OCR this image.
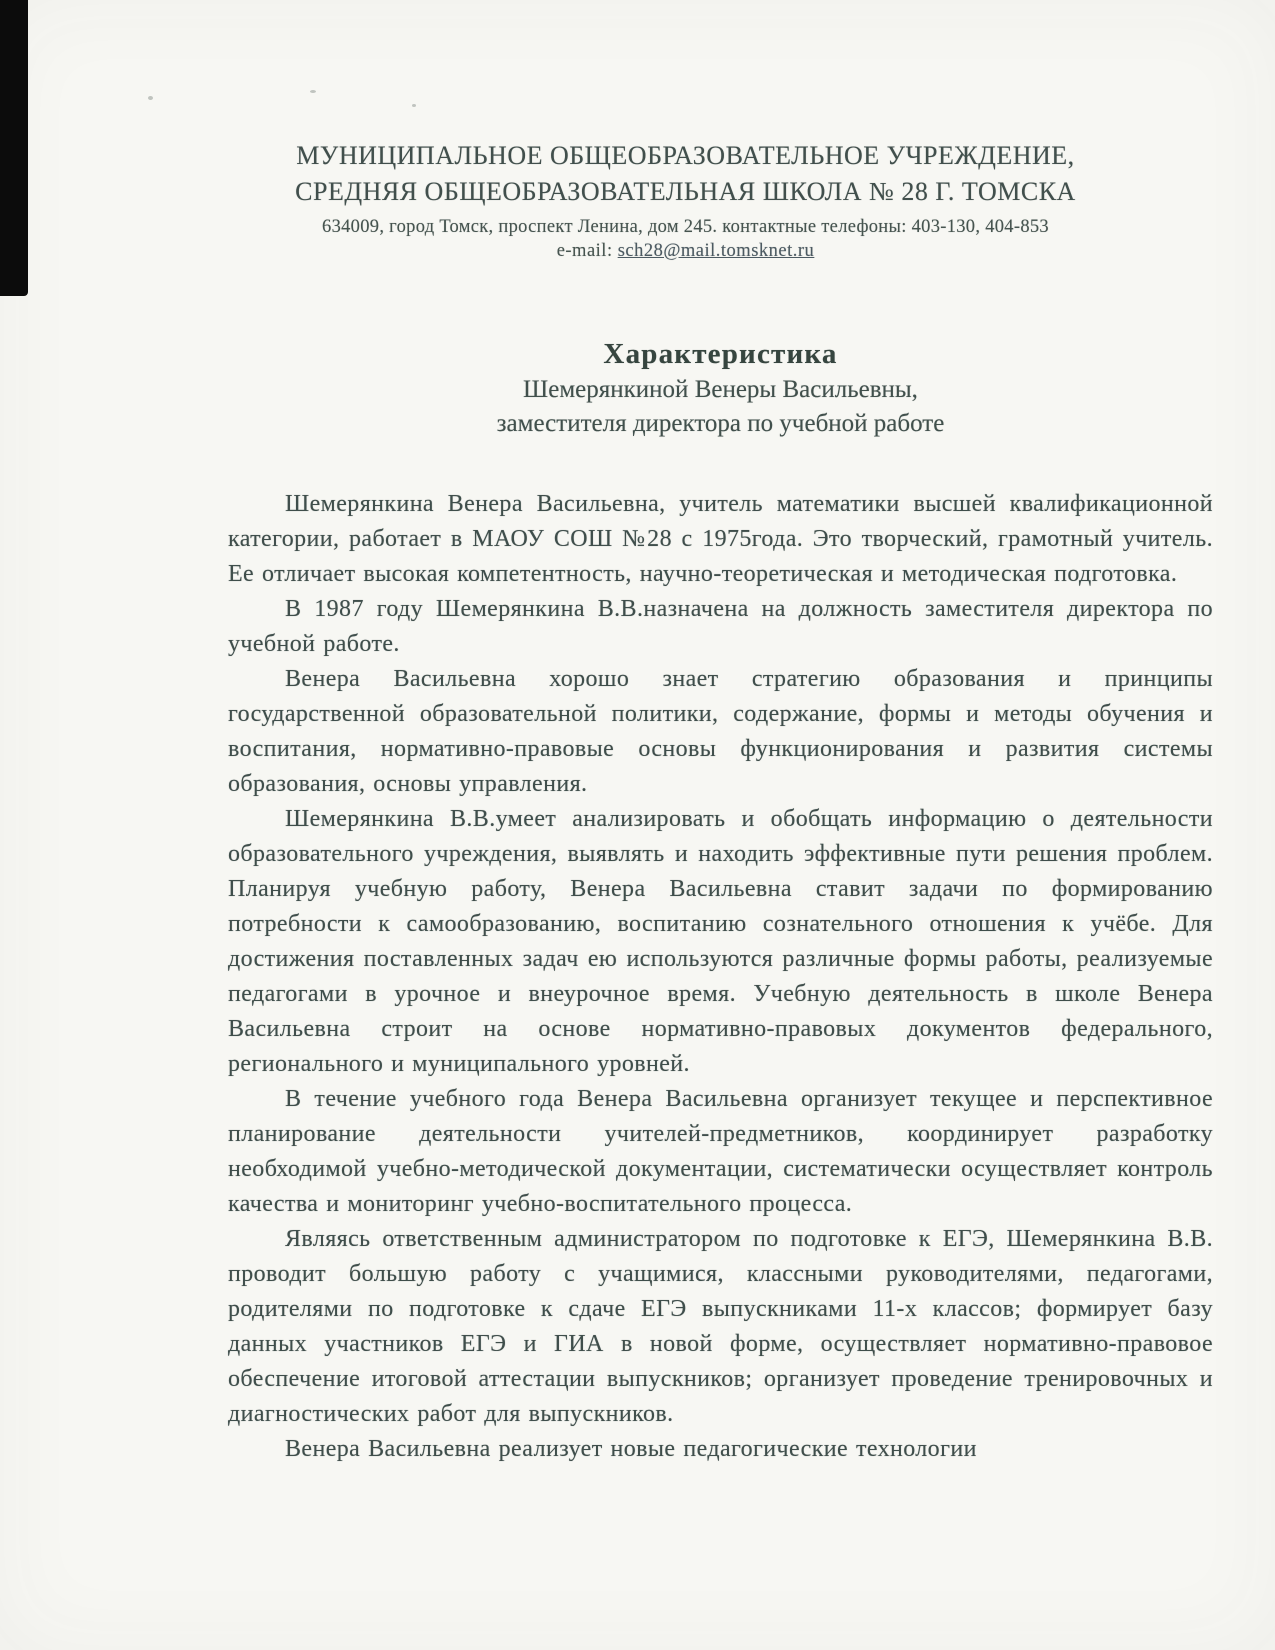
МУНИЦИПАЛЬНОЕ ОБЩЕОБРАЗОВАТЕЛЬНОЕ УЧРЕЖДЕНИЕ,
СРЕДНЯЯ ОБЩЕОБРАЗОВАТЕЛЬНАЯ ШКОЛА № 28 Г. ТОМСКА
634009, город Томск, проспект Ленина, дом 245. контактные телефоны: 403-130, 404-853
e-mail: sch28@mail.tomsknet.ru
Характеристика
Шемерянкиной Венеры Васильевны,
заместителя директора по учебной работе

Шемерянкина Венера Васильевна, учитель математики высшей квалификационной категории, работает в МАОУ СОШ №28 с 1975года. Это творческий, грамотный учитель. Ее отличает высокая компетентность, научно-теоретическая и методическая подготовка.

В 1987 году Шемерянкина В.В.назначена на должность заместителя директора по учебной работе.

Венера Васильевна хорошо знает стратегию образования и принципы государственной образовательной политики, содержание, формы и методы обучения и воспитания, нормативно-правовые основы функционирования и развития системы образования, основы управления.

Шемерянкина В.В.умеет анализировать и обобщать информацию о деятельности образовательного учреждения, выявлять и находить эффективные пути решения проблем. Планируя учебную работу, Венера Васильевна ставит задачи по формированию потребности к самообразованию, воспитанию сознательного отношения к учёбе. Для достижения поставленных задач ею используются различные формы работы, реализуемые педагогами в урочное и внеурочное время. Учебную деятельность в школе Венера Васильевна строит на основе нормативно-правовых документов федерального, регионального и муниципального уровней.

В течение учебного года Венера Васильевна организует текущее и перспективное планирование деятельности учителей-предметников, координирует разработку необходимой учебно-методической документации, систематически осуществляет контроль качества и мониторинг учебно-воспитательного процесса.

Являясь ответственным администратором по подготовке к ЕГЭ, Шемерянкина В.В. проводит большую работу с учащимися, классными руководителями, педагогами, родителями по подготовке к сдаче ЕГЭ выпускниками 11-х классов; формирует базу данных участников ЕГЭ и ГИА в новой форме, осуществляет нормативно-правовое обеспечение итоговой аттестации выпускников; организует проведение тренировочных и диагностических работ для выпускников.

Венера Васильевна реализует новые педагогические технологии
